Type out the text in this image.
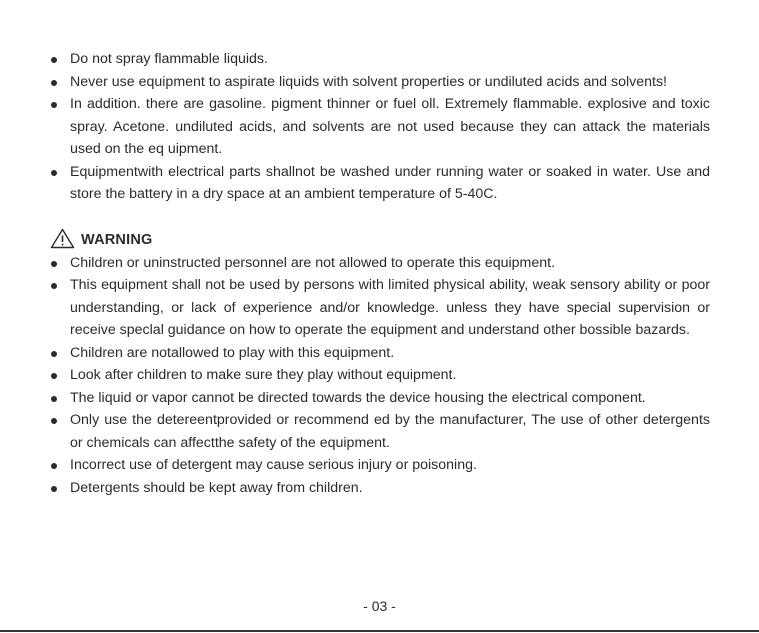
Do not spray flammable liquids.
Never use equipment to aspirate liquids with solvent properties or undiluted acids and solvents!
In addition. there are gasoline. pigment thinner or fuel oll. Extremely flammable. explosive and toxic spray. Acetone. undiluted acids, and solvents are not used because they can attack the materials used on the eq uipment.
Equipmentwith electrical parts shallnot be washed under running water or soaked in water. Use and store the battery in a dry space at an ambient temperature of 5-40C.
WARNING
Children or uninstructed personnel are not allowed to operate this equipment.
This equipment shall not be used by persons with limited physical ability, weak sensory ability or poor understanding, or lack of experience and/or knowledge. unless they have special supervision or receive speclal guidance on how to operate the equipment and understand other bossible bazards.
Children are notallowed to play with this equipment.
Look after children to make sure they play without equipment.
The liquid or vapor cannot be directed towards the device housing the electrical component.
Only use the detereentprovided or recommend ed by the manufacturer, The use of other detergents or chemicals can affectthe safety of the equipment.
Incorrect use of detergent may cause serious injury or poisoning.
Detergents should be kept away from children.
- 03 -
